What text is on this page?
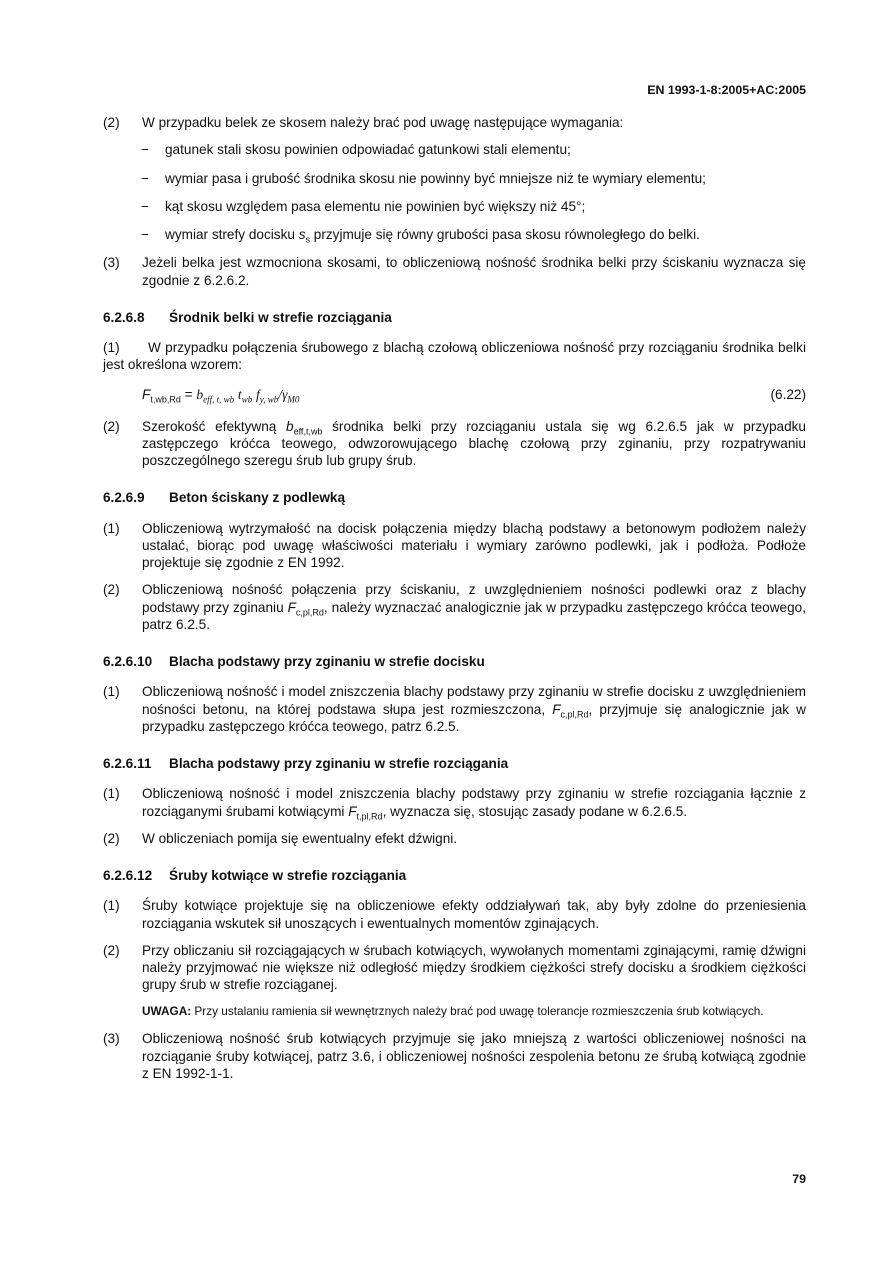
EN 1993-1-8:2005+AC:2005
(2) W przypadku belek ze skosem należy brać pod uwagę następujące wymagania:
− gatunek stali skosu powinien odpowiadać gatunkowi stali elementu;
− wymiar pasa i grubość środnika skosu nie powinny być mniejsze niż te wymiary elementu;
− kąt skosu względem pasa elementu nie powinien być większy niż 45°;
− wymiar strefy docisku $s_s$ przyjmuje się równy grubości pasa skosu równoległego do belki.
(3) Jeżeli belka jest wzmocniona skosami, to obliczeniową nośność środnika belki przy ściskaniu wyznacza się zgodnie z 6.2.6.2.
6.2.6.8 Środnik belki w strefie rozciągania
(1) W przypadku połączenia śrubowego z blachą czołową obliczeniowa nośność przy rozciąganiu środnika belki jest określona wzorem:
$F_{t,wb,Rd} = b_{eff, t, wb}$ $t_{wb}$ $f_{y, wb}/\gamma_{M0}$	(6.22)
(2) Szerokość efektywną $b_{eff,t,wb}$ środnika belki przy rozciąganiu ustala się wg 6.2.6.5 jak w przypadku zastępczego króćca teowego, odwzorowującego blachę czołową przy zginaniu, przy rozpatrywaniu poszczególnego szeregu śrub lub grupy śrub.
6.2.6.9 Beton ściskany z podlewką
(1) Obliczeniową wytrzymałość na docisk połączenia między blachą podstawy a betonowym podłożem należy ustalać, biorąc pod uwagę właściwości materiału i wymiary zarówno podlewki, jak i podłoża. Podłoże projektuje się zgodnie z EN 1992.
(2) Obliczeniową nośność połączenia przy ściskaniu, z uwzględnieniem nośności podlewki oraz z blachy podstawy przy zginaniu $F_{c,pl,Rd}$, należy wyznaczać analogicznie jak w przypadku zastępczego króćca teowego, patrz 6.2.5.
6.2.6.10 Blacha podstawy przy zginaniu w strefie docisku
(1) Obliczeniową nośność i model zniszczenia blachy podstawy przy zginaniu w strefie docisku z uwzględnieniem nośności betonu, na której podstawa słupa jest rozmieszczona, $F_{c,pl,Rd}$, przyjmuje się analogicznie jak w przypadku zastępczego króćca teowego, patrz 6.2.5.
6.2.6.11 Blacha podstawy przy zginaniu w strefie rozciągania
(1) Obliczeniową nośność i model zniszczenia blachy podstawy przy zginaniu w strefie rozciągania łącznie z rozciąganymi śrubami kotwiącymi $F_{t,pl,Rd}$, wyznacza się, stosując zasady podane w 6.2.6.5.
(2) W obliczeniach pomija się ewentualny efekt dźwigni.
6.2.6.12 Śruby kotwiące w strefie rozciągania
(1) Śruby kotwiące projektuje się na obliczeniowe efekty oddziaływań tak, aby były zdolne do przeniesienia rozciągania wskutek sił unoszących i ewentualnych momentów zginających.
(2) Przy obliczaniu sił rozciągających w śrubach kotwiących, wywołanych momentami zginającymi, ramię dźwigni należy przyjmować nie większe niż odległość między środkiem ciężkości strefy docisku a środkiem ciężkości grupy śrub w strefie rozciąganej.
UWAGA: Przy ustalaniu ramienia sił wewnętrznych należy brać pod uwagę tolerancje rozmieszczenia śrub kotwiących.
(3) Obliczeniową nośność śrub kotwiących przyjmuje się jako mniejszą z wartości obliczeniowej nośności na rozciąganie śruby kotwiącej, patrz 3.6, i obliczeniowej nośności zespolenia betonu ze śrubą kotwiącą zgodnie z EN 1992-1-1.
79
